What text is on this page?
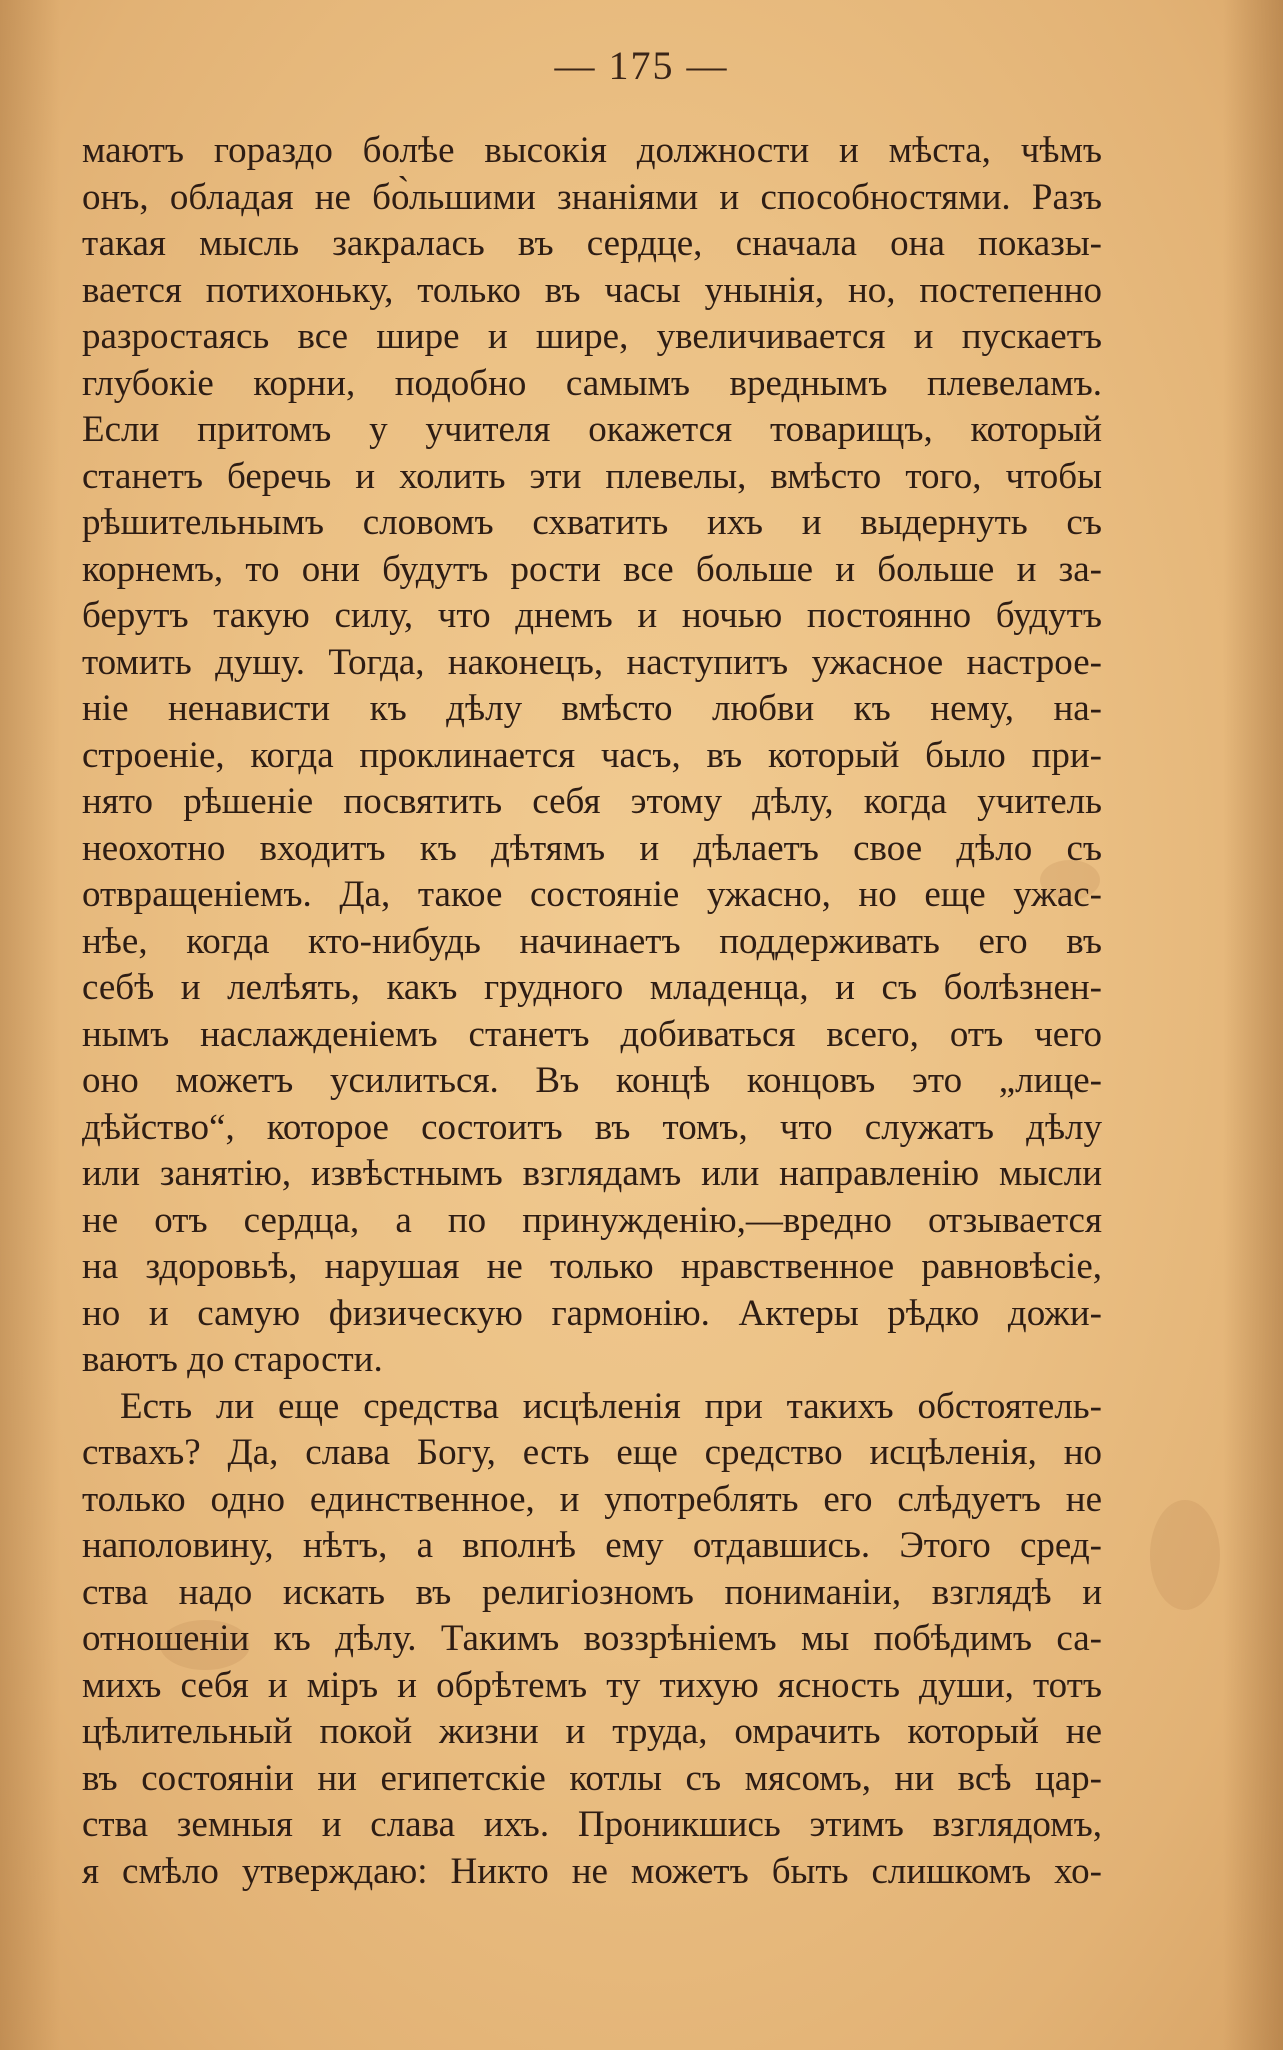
— 175 —
маютъ гораздо болѣе высокія должности и мѣста, чѣмъ
онъ, обладая не бо̀льшими знаніями и способностями. Разъ
такая мысль закралась въ сердце, сначала она показы-
вается потихоньку, только въ часы унынія, но, постепенно
разростаясь все шире и шире, увеличивается и пускаетъ
глубокіе корни, подобно самымъ вреднымъ плевеламъ.
Если притомъ у учителя окажется товарищъ, который
станетъ беречь и холить эти плевелы, вмѣсто того, чтобы
рѣшительнымъ словомъ схватить ихъ и выдернуть съ
корнемъ, то они будутъ рости все больше и больше и за-
берутъ такую силу, что днемъ и ночью постоянно будутъ
томить душу. Тогда, наконецъ, наступитъ ужасное настрое-
ніе ненависти къ дѣлу вмѣсто любви къ нему, на-
строеніе, когда проклинается часъ, въ который было при-
нято рѣшеніе посвятить себя этому дѣлу, когда учитель
неохотно входитъ къ дѣтямъ и дѣлаетъ свое дѣло съ
отвращеніемъ. Да, такое состояніе ужасно, но еще ужас-
нѣе, когда кто-нибудь начинаетъ поддерживать его въ
себѣ и лелѣять, какъ грудного младенца, и съ болѣзнен-
нымъ наслажденіемъ станетъ добиваться всего, отъ чего
оно можетъ усилиться. Въ концѣ концовъ это „лице-
дѣйство“, которое состоитъ въ томъ, что служатъ дѣлу
или занятію, извѣстнымъ взглядамъ или направленію мысли
не отъ сердца, а по принужденію,—вредно отзывается
на здоровьѣ, нарушая не только нравственное равновѣсіе,
но и самую физическую гармонію. Актеры рѣдко дожи-
ваютъ до старости.
Есть ли еще средства исцѣленія при такихъ обстоятель-
ствахъ? Да, слава Богу, есть еще средство исцѣленія, но
только одно единственное, и употреблять его слѣдуетъ не
наполовину, нѣтъ, а вполнѣ ему отдавшись. Этого сред-
ства надо искать въ религіозномъ пониманіи, взглядѣ и
отношеніи къ дѣлу. Такимъ воззрѣніемъ мы побѣдимъ са-
михъ себя и міръ и обрѣтемъ ту тихую ясность души, тотъ
цѣлительный покой жизни и труда, омрачить который не
въ состояніи ни египетскіе котлы съ мясомъ, ни всѣ цар-
ства земныя и слава ихъ. Проникшись этимъ взглядомъ,
я смѣло утверждаю: Никто не можетъ быть слишкомъ хо-
